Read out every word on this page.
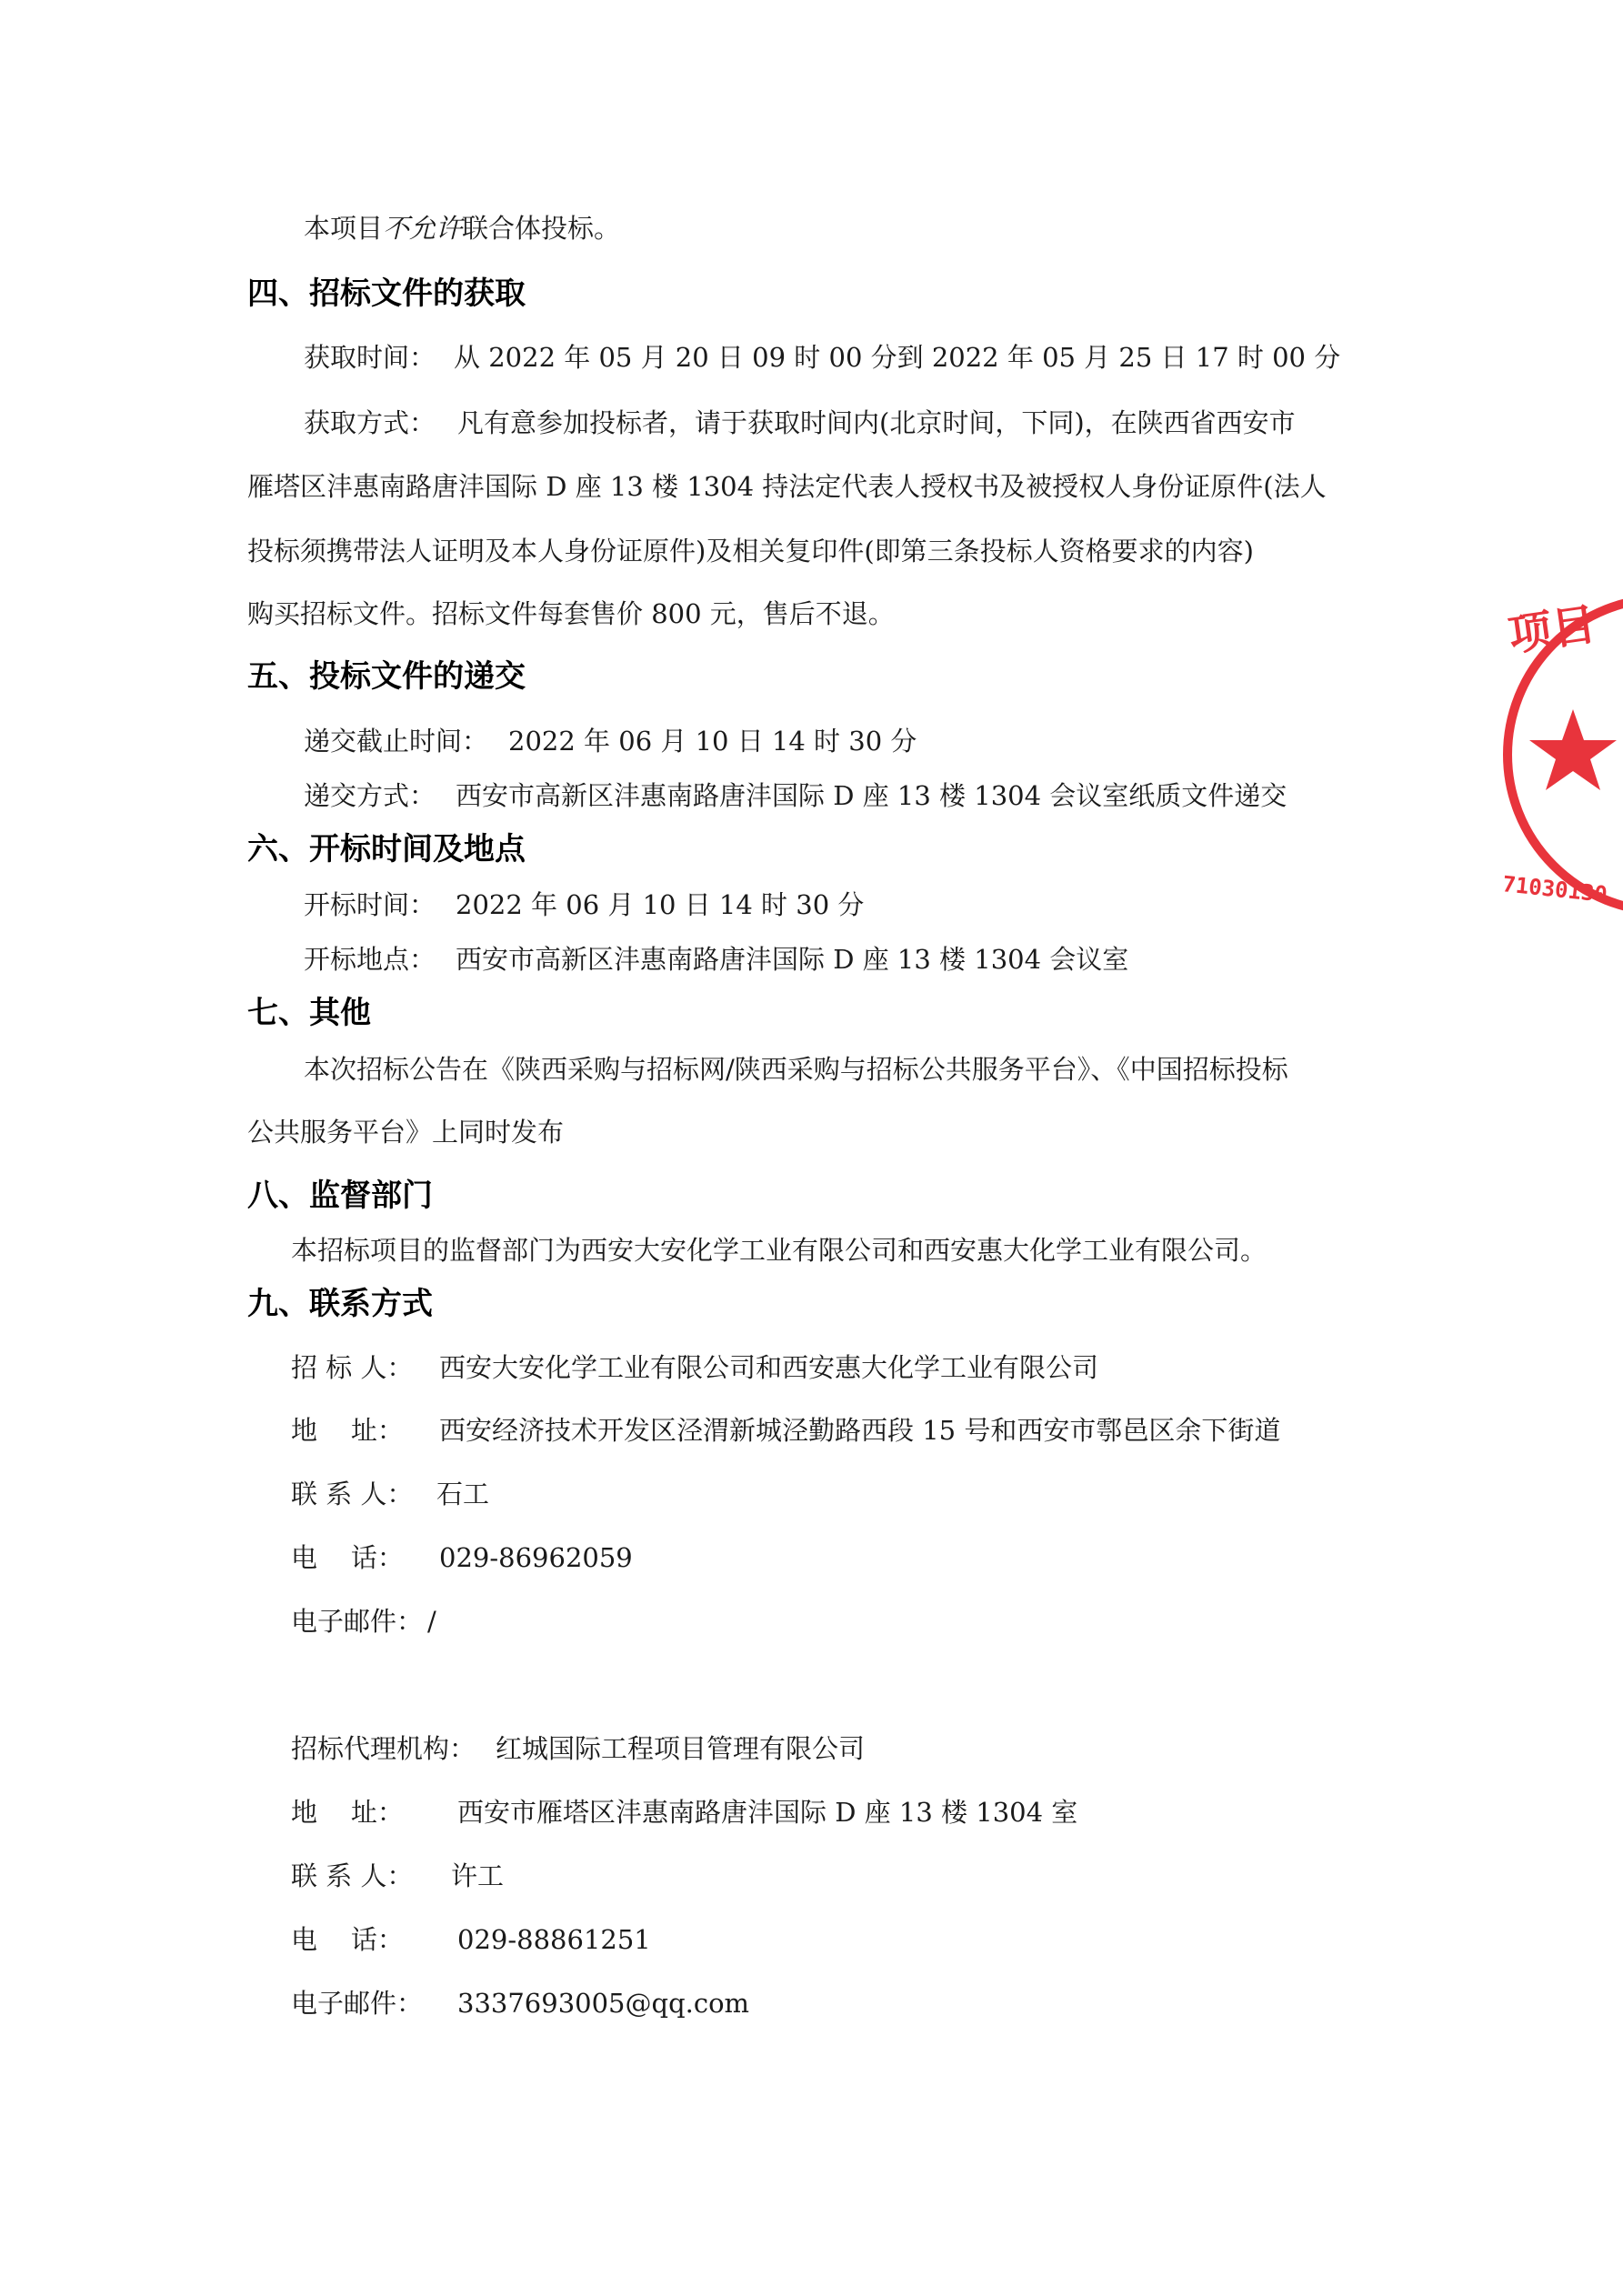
本项目不允许联合体投标。
四、招标文件的获取
获取时间： 从 2022 年 05 月 20 日 09 时 00 分到 2022 年 05 月 25 日 17 时 00 分
获取方式： 凡有意参加投标者，请于获取时间内(北京时间，下同)，在陕西省西安市
雁塔区沣惠南路唐沣国际 D 座 13 楼 1304 持法定代表人授权书及被授权人身份证原件(法人
投标须携带法人证明及本人身份证原件)及相关复印件(即第三条投标人资格要求的内容)
购买招标文件。招标文件每套售价 800 元，售后不退。
五、投标文件的递交
递交截止时间： 2022 年 06 月 10 日 14 时 30 分
递交方式： 西安市高新区沣惠南路唐沣国际 D 座 13 楼 1304 会议室纸质文件递交
六、开标时间及地点
开标时间： 2022 年 06 月 10 日 14 时 30 分
开标地点： 西安市高新区沣惠南路唐沣国际 D 座 13 楼 1304 会议室
七、其他
本次招标公告在《陕西采购与招标网/陕西采购与招标公共服务平台》、《中国招标投标
公共服务平台》上同时发布
八、监督部门
本招标项目的监督部门为西安大安化学工业有限公司和西安惠大化学工业有限公司。
九、联系方式
招 标 人： 西安大安化学工业有限公司和西安惠大化学工业有限公司
地    址： 西安经济技术开发区泾渭新城泾勤路西段 15 号和西安市鄠邑区余下街道
联 系 人： 石工
电    话： 029-86962059
电子邮件： /
招标代理机构： 红城国际工程项目管理有限公司
地    址： 西安市雁塔区沣惠南路唐沣国际 D 座 13 楼 1304 室
联 系 人： 许工
电    话： 029-88861251
电子邮件： 3337693005@qq.com
项目
71030130
